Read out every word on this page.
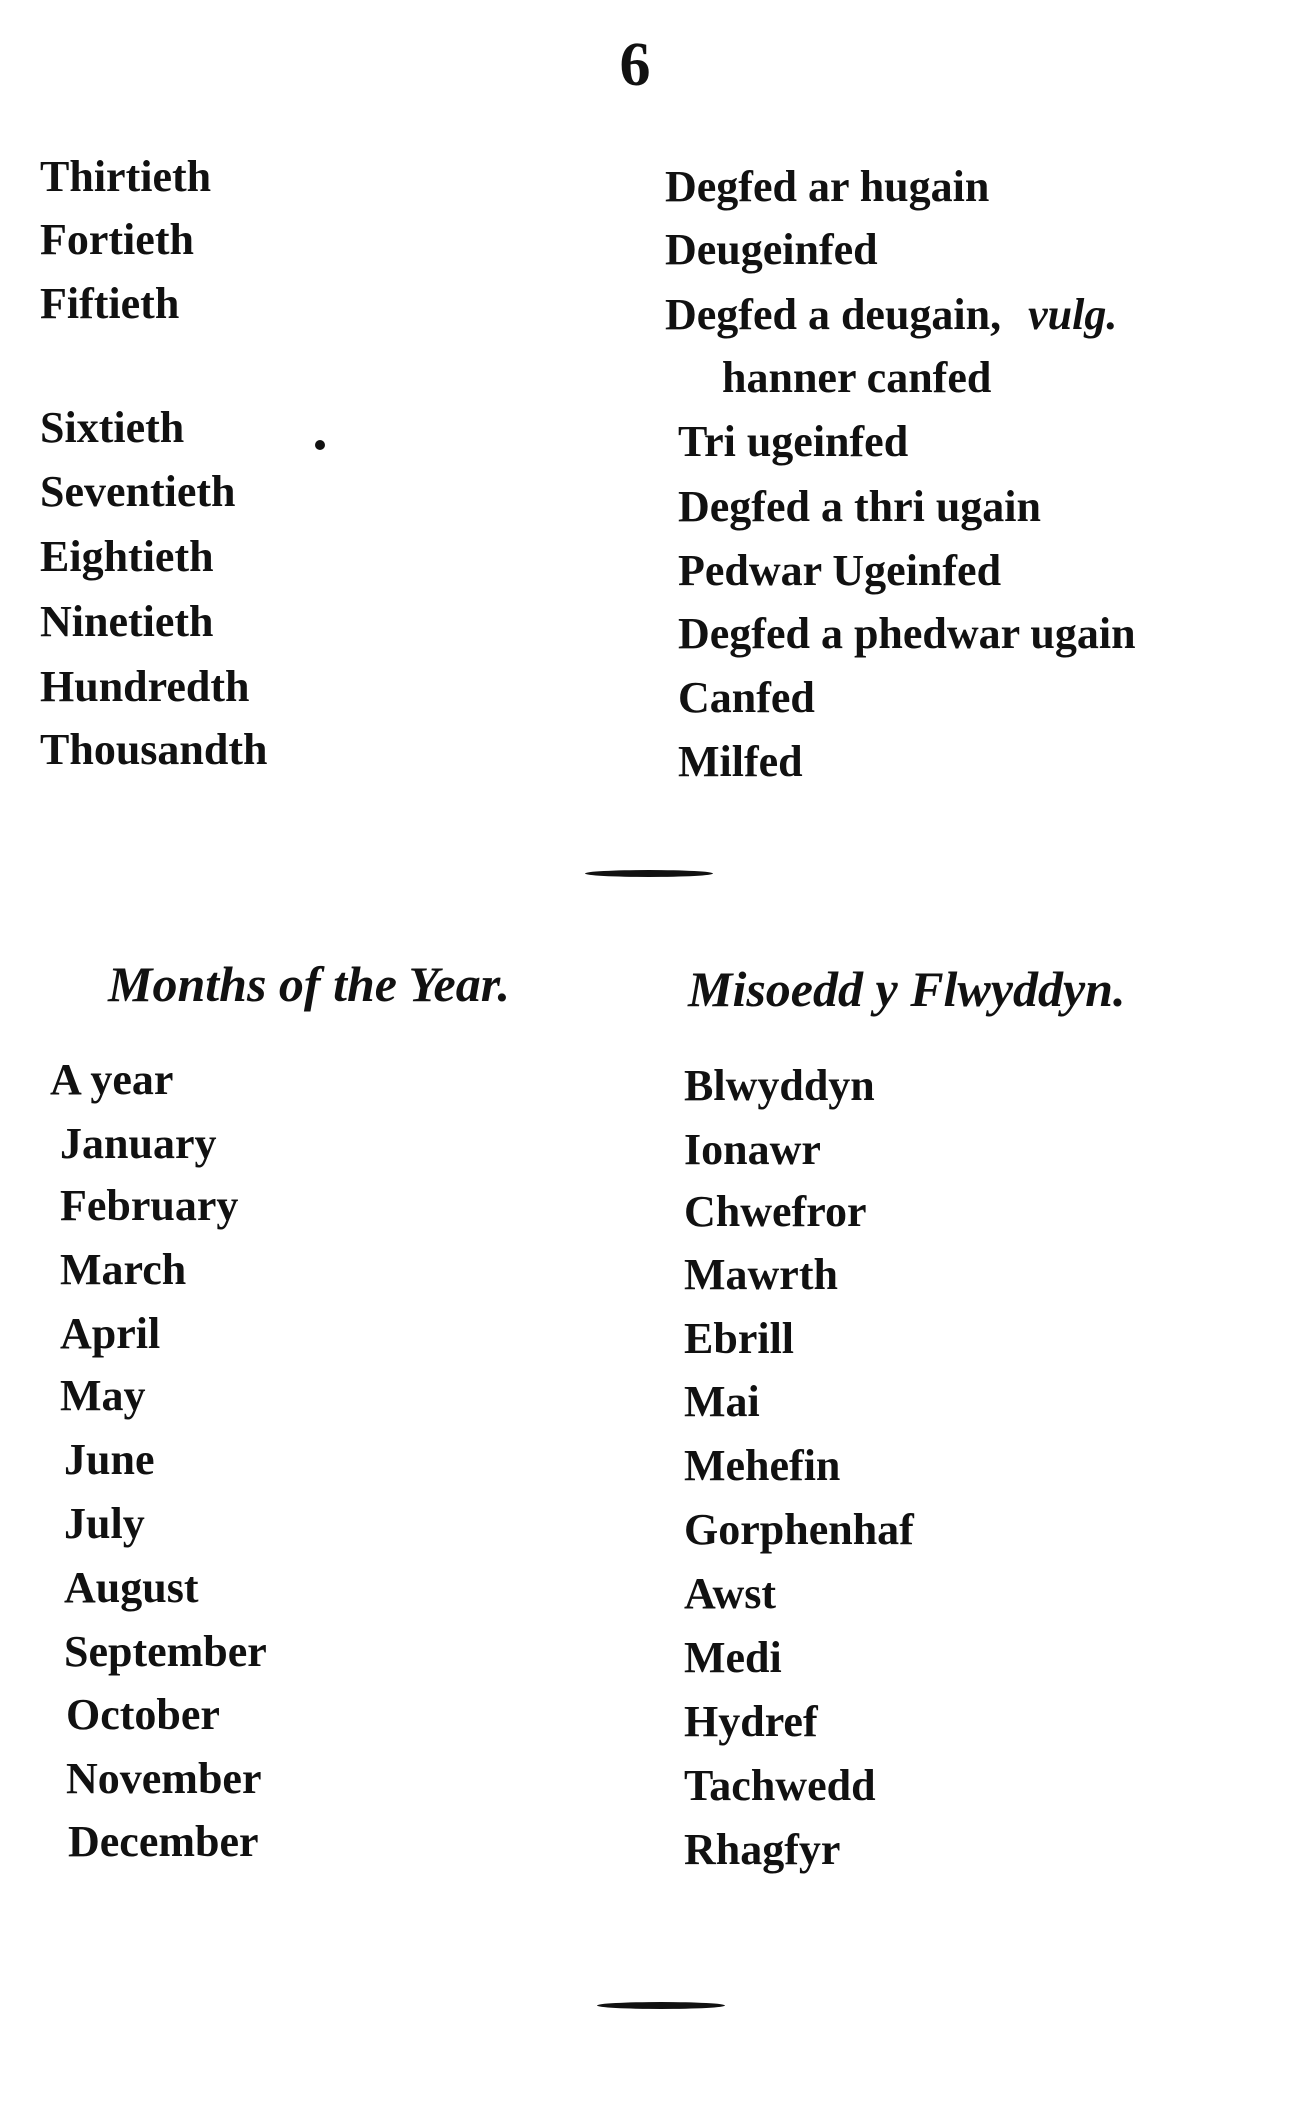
6
Thirtieth
Fortieth
Fiftieth
Sixtieth
Seventieth
Eightieth
Ninetieth
Hundredth
Thousandth
Degfed ar hugain
Deugeinfed
Degfed a deugain, vulg.
hanner canfed
Tri ugeinfed
Degfed a thri ugain
Pedwar Ugeinfed
Degfed a phedwar ugain
Canfed
Milfed
Months of the Year.	Misoedd y Flwyddyn.
A year
January
February
March
April
May
June
July
August
September
October
November
December
Blwyddyn
Ionawr
Chwefror
Mawrth
Ebrill
Mai
Mehefin
Gorphenhaf
Awst
Medi
Hydref
Tachwedd
Rhagfyr
